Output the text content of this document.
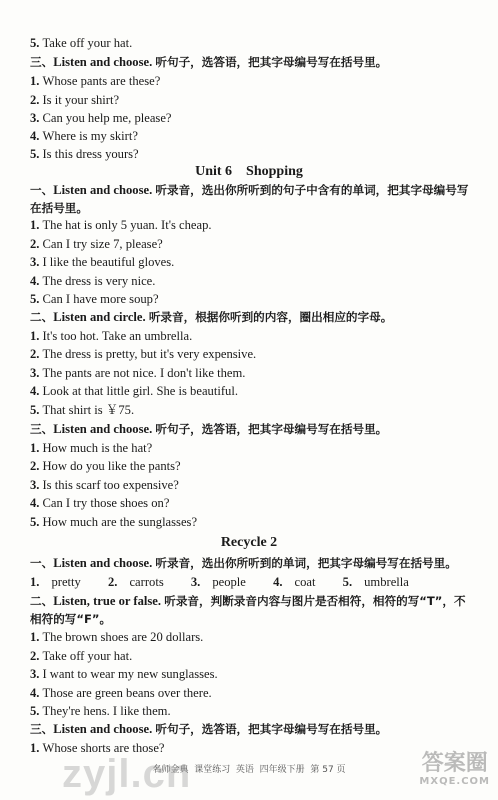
5. Take off your hat.
三、Listen and choose. 听句子，选答语，把其字母编号写在括号里。
1. Whose pants are these?
2. Is it your shirt?
3. Can you help me, please?
4. Where is my skirt?
5. Is this dress yours?
Unit 6    Shopping
一、Listen and choose. 听录音，选出你所听到的句子中含有的单词，把其字母编号写在括号里。
1. The hat is only 5 yuan. It's cheap.
2. Can I try size 7, please?
3. I like the beautiful gloves.
4. The dress is very nice.
5. Can I have more soup?
二、Listen and circle. 听录音，根据你听到的内容，圈出相应的字母。
1. It's too hot. Take an umbrella.
2. The dress is pretty, but it's very expensive.
3. The pants are not nice. I don't like them.
4. Look at that little girl. She is beautiful.
5. That shirt is ￥75.
三、Listen and choose. 听句子，选答语，把其字母编号写在括号里。
1. How much is the hat?
2. How do you like the pants?
3. Is this scarf too expensive?
4. Can I try those shoes on?
5. How much are the sunglasses?
Recycle 2
一、Listen and choose. 听录音，选出你所听到的单词，把其字母编号写在括号里。
1. pretty 2. carrots 3. people 4. coat 5. umbrella
二、Listen, true or false. 听录音，判断录音内容与图片是否相符，相符的写“T”，不相符的写“F”。
1. The brown shoes are 20 dollars.
2. Take off your hat.
3. I want to wear my new sunglasses.
4. Those are green beans over there.
5. They're hens. I like them.
三、Listen and choose. 听句子，选答语，把其字母编号写在括号里。
1. Whose shorts are those?
名师金典  课堂练习  英语  四年级下册  第 57 页
zyjl.cn	答案圈
MXQE.COM
